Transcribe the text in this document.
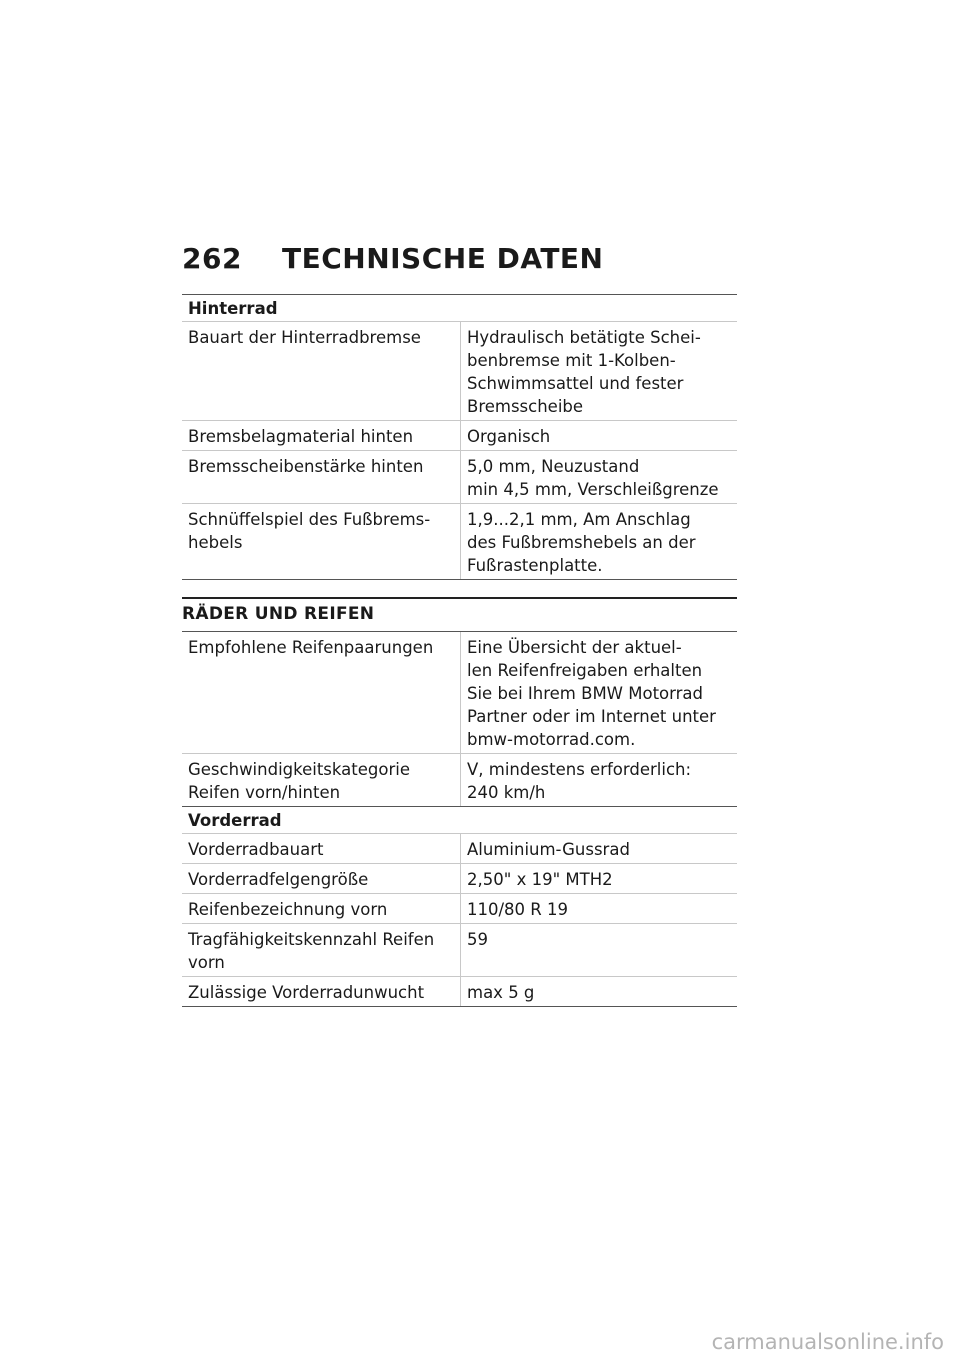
262 TECHNISCHE DATEN
Hinterrad
Bauart der Hinterradbremse	Hydraulisch betätigte Schei-
benbremse mit 1-Kolben-
Schwimmsattel und fester
Bremsscheibe

Bremsbelagmaterial hinten	Organisch

Bremsscheibenstärke hinten	5,0 mm, Neuzustand
min 4,5 mm, Verschleißgrenze

Schnüffelspiel des Fußbrems-
hebels	1,9...2,1 mm, Am Anschlag
des Fußbremshebels an der
Fußrastenplatte.
RÄDER UND REIFEN
Empfohlene Reifenpaarungen	Eine Übersicht der aktuel-
len Reifenfreigaben erhalten
Sie bei Ihrem BMW Motorrad
Partner oder im Internet unter
bmw-motorrad.com.

Geschwindigkeitskategorie
Reifen vorn/hinten	V, mindestens erforderlich:
240 km/h
Vorderrad
Vorderradbauart	Aluminium-Gussrad

Vorderradfelgengröße	2,50" x 19" MTH2

Reifenbezeichnung vorn	110/80 R 19

Tragfähigkeitskennzahl Reifen
vorn	59

Zulässige Vorderradunwucht	max 5 g
carmanualsonline.info
